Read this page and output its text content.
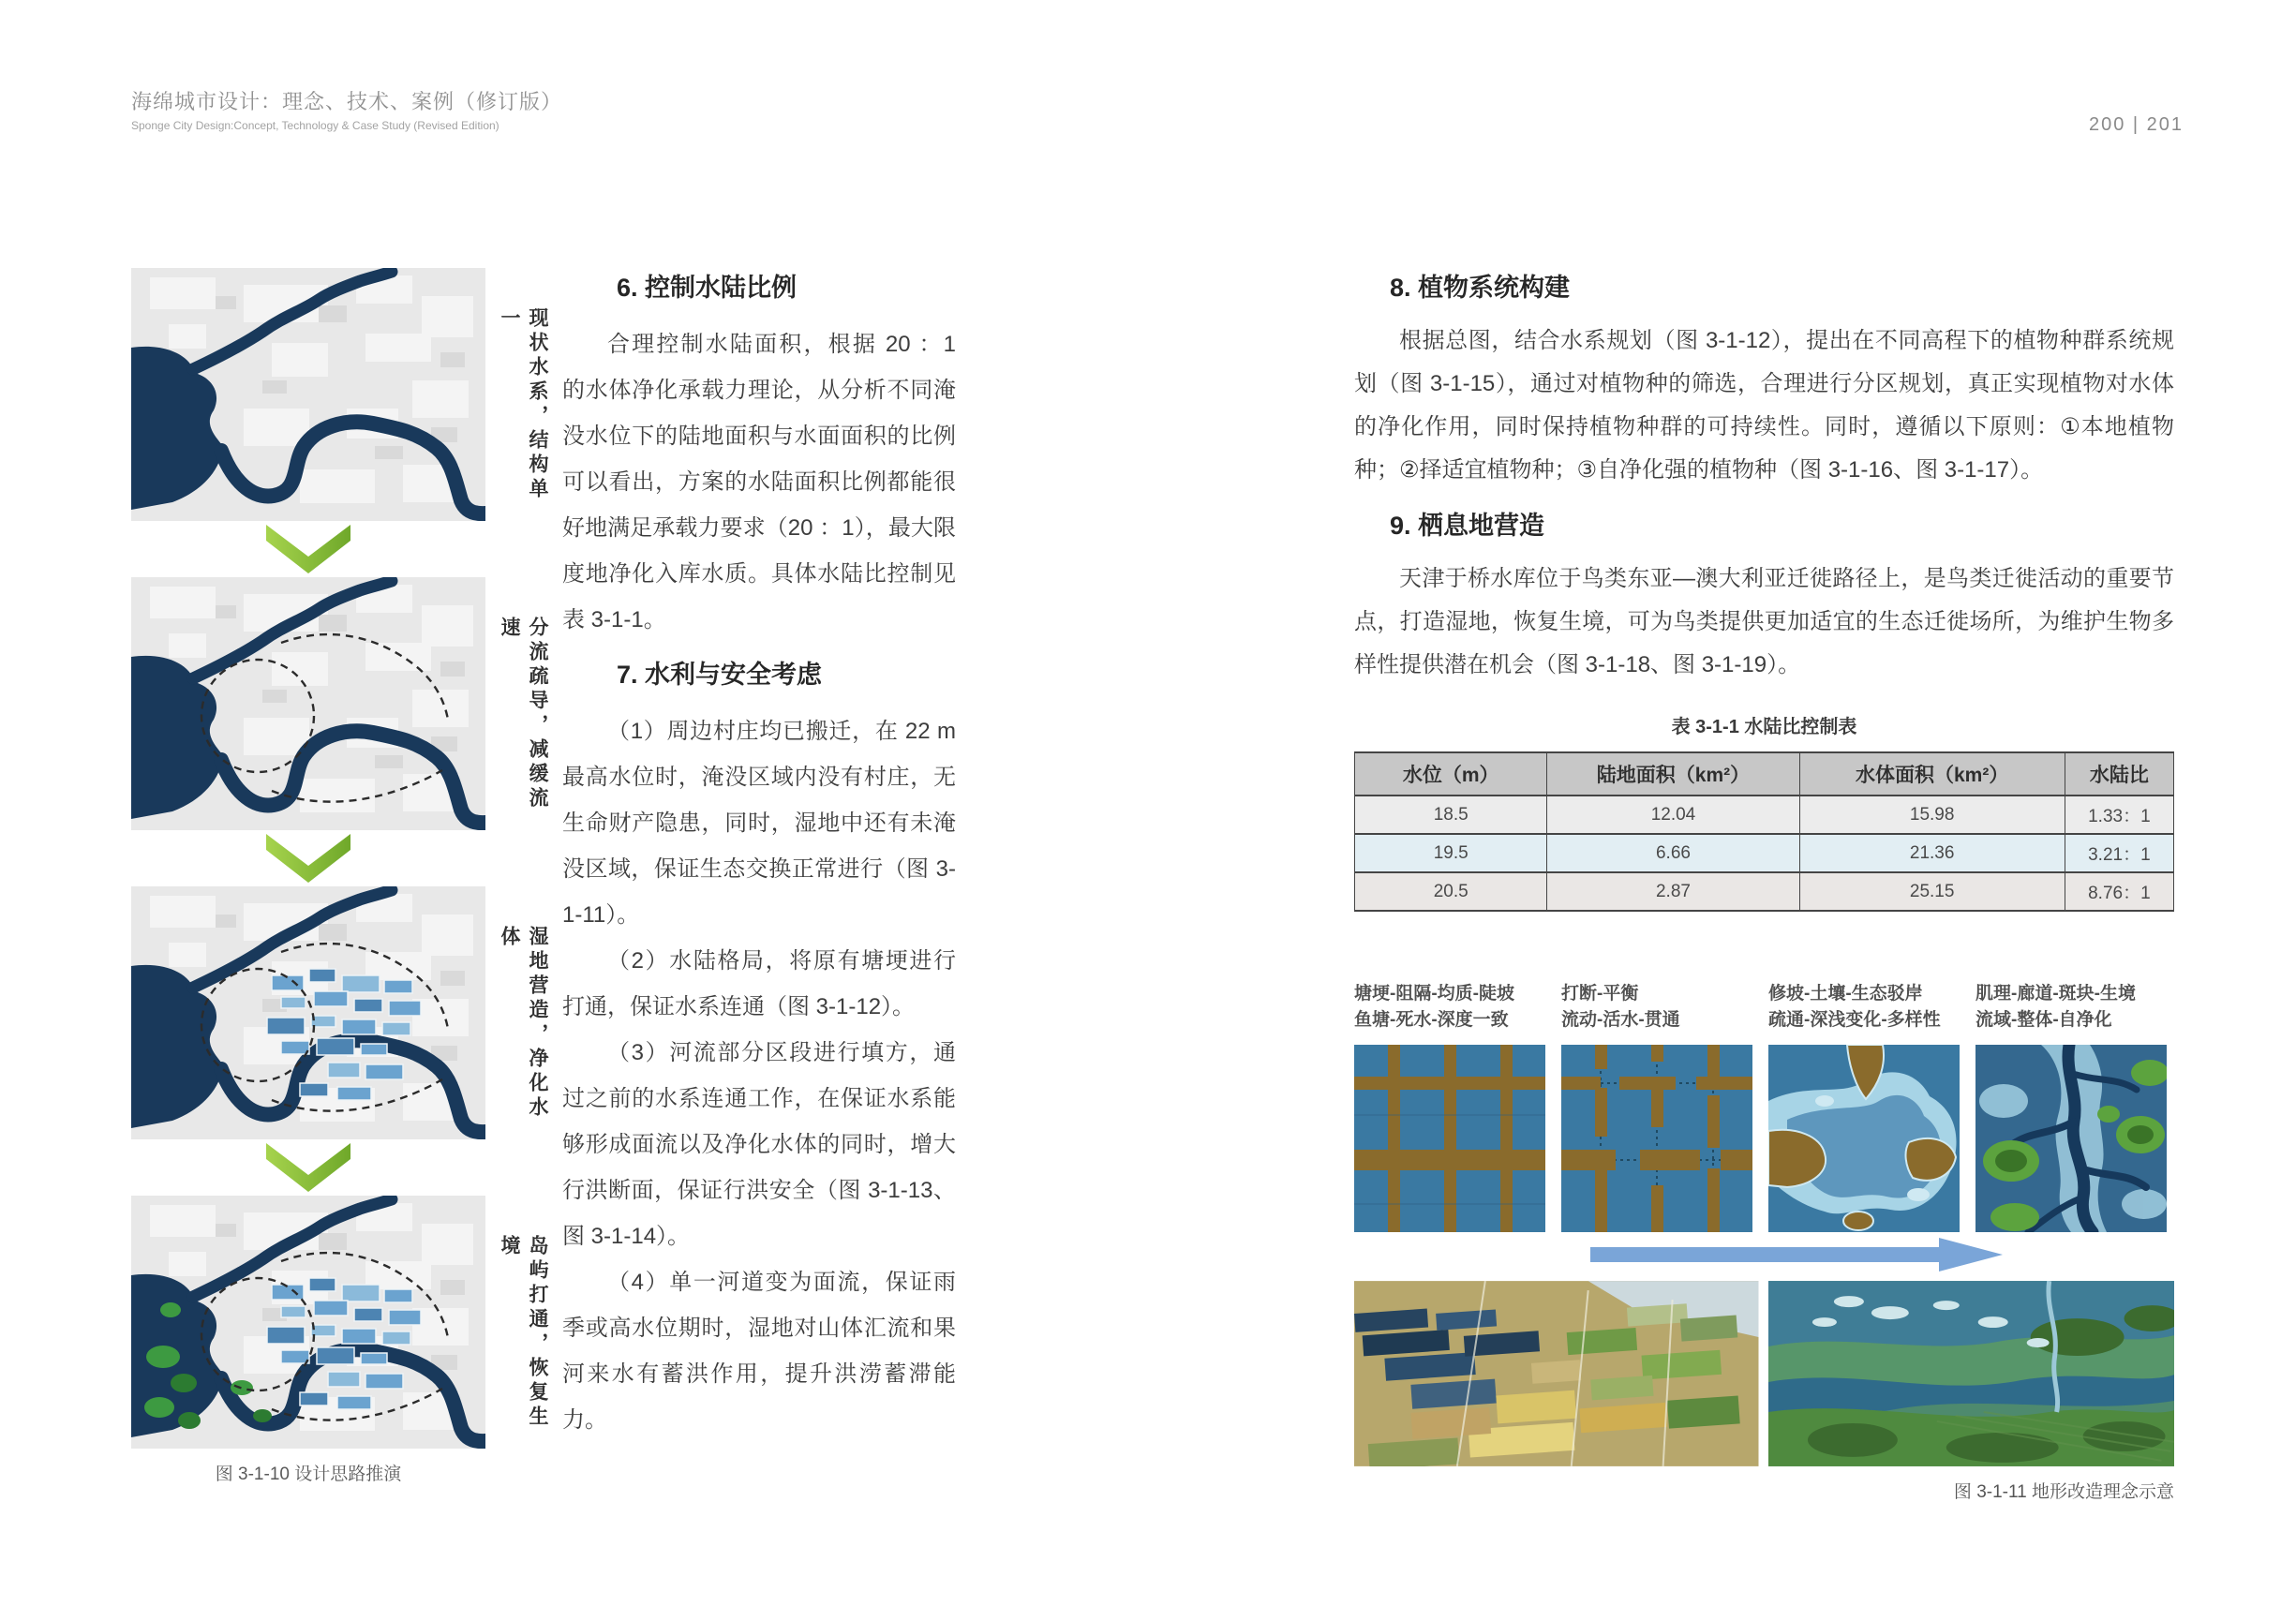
海绵城市设计：理念、技术、案例（修订版）
Sponge City Design:Concept, Technology & Case Study (Revised Edition)	200 | 201
现状水系，结构单一
分流疏导，减缓流速
湿地营造，净化水体
岛屿打通，恢复生境
图 3-1-10 设计思路推演
6. 控制水陆比例

合理控制水陆面积，根据 20 ：1 的水体净化承载力理论，从分析不同淹没水位下的陆地面积与水面面积的比例可以看出，方案的水陆面积比例都能很好地满足承载力要求（20 ：1），最大限度地净化入库水质。具体水陆比控制见表 3-1-1。

7. 水利与安全考虑

（1）周边村庄均已搬迁，在 22 m 最高水位时，淹没区域内没有村庄，无生命财产隐患，同时，湿地中还有未淹没区域，保证生态交换正常进行（图 3-1-11）。

（2）水陆格局，将原有塘埂进行打通，保证水系连通（图 3-1-12）。

（3）河流部分区段进行填方，通过之前的水系连通工作，在保证水系能够形成面流以及净化水体的同时，增大行洪断面，保证行洪安全（图 3-1-13、图 3-1-14）。

（4）单一河道变为面流，保证雨季或高水位期时，湿地对山体汇流和果河来水有蓄洪作用，提升洪涝蓄滞能力。

8. 植物系统构建

根据总图，结合水系规划（图 3-1-12），提出在不同高程下的植物种群系统规划（图 3-1-15），通过对植物种的筛选，合理进行分区规划，真正实现植物对水体的净化作用，同时保持植物种群的可持续性。同时，遵循以下原则：①本地植物种；②择适宜植物种；③自净化强的植物种（图 3-1-16、图 3-1-17）。

9. 栖息地营造

天津于桥水库位于鸟类东亚—澳大利亚迁徙路径上，是鸟类迁徙活动的重要节点，打造湿地，恢复生境，可为鸟类提供更加适宜的生态迁徙场所，为维护生物多样性提供潜在机会（图 3-1-18、图 3-1-19）。

表 3-1-1 水陆比控制表
水位（m）	陆地面积（km²）	水体面积（km²）	水陆比
18.5	12.04	15.98	1.33：1
19.5	6.66	21.36	3.21：1
20.5	2.87	25.15	8.76：1
塘埂-阻隔-均质-陡坡
鱼塘-死水-深度一致
打断-平衡
流动-活水-贯通
修坡-土壤-生态驳岸
疏通-深浅变化-多样性
肌理-廊道-斑块-生境
流域-整体-自净化
图 3-1-11 地形改造理念示意
